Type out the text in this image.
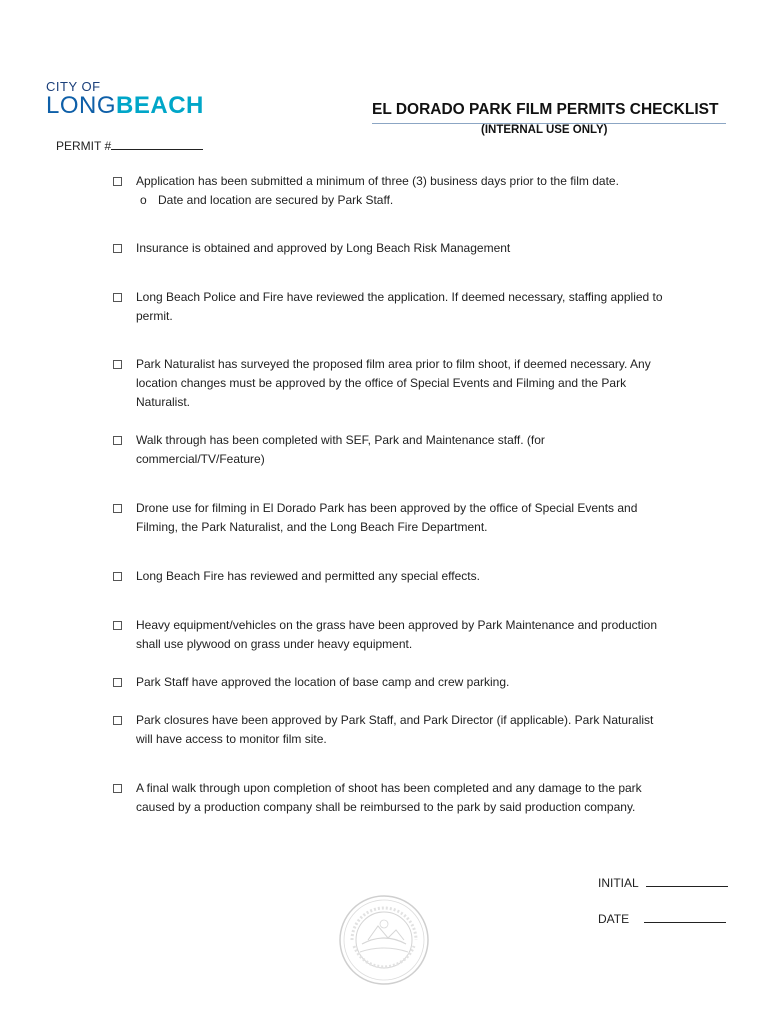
CITY OF
LONGBEACH	EL DORADO PARK FILM PERMITS CHECKLIST
(INTERNAL USE ONLY)
PERMIT #
Application has been submitted a minimum of three (3) business days prior to the film date.
o Date and location are secured by Park Staff.
Insurance is obtained and approved by Long Beach Risk Management
Long Beach Police and Fire have reviewed the application. If deemed necessary, staffing applied to permit.
Park Naturalist has surveyed the proposed film area prior to film shoot, if deemed necessary. Any location changes must be approved by the office of Special Events and Filming and the Park Naturalist.
Walk through has been completed with SEF, Park and Maintenance staff. (for commercial/TV/Feature)
Drone use for filming in El Dorado Park has been approved by the office of Special Events and Filming, the Park Naturalist, and the Long Beach Fire Department.
Long Beach Fire has reviewed and permitted any special effects.
Heavy equipment/vehicles on the grass have been approved by Park Maintenance and production shall use plywood on grass under heavy equipment.
Park Staff have approved the location of base camp and crew parking.
Park closures have been approved by Park Staff, and Park Director (if applicable). Park Naturalist will have access to monitor film site.
A final walk through upon completion of shoot has been completed and any damage to the park caused by a production company shall be reimbursed to the park by said production company.
INITIAL
DATE
